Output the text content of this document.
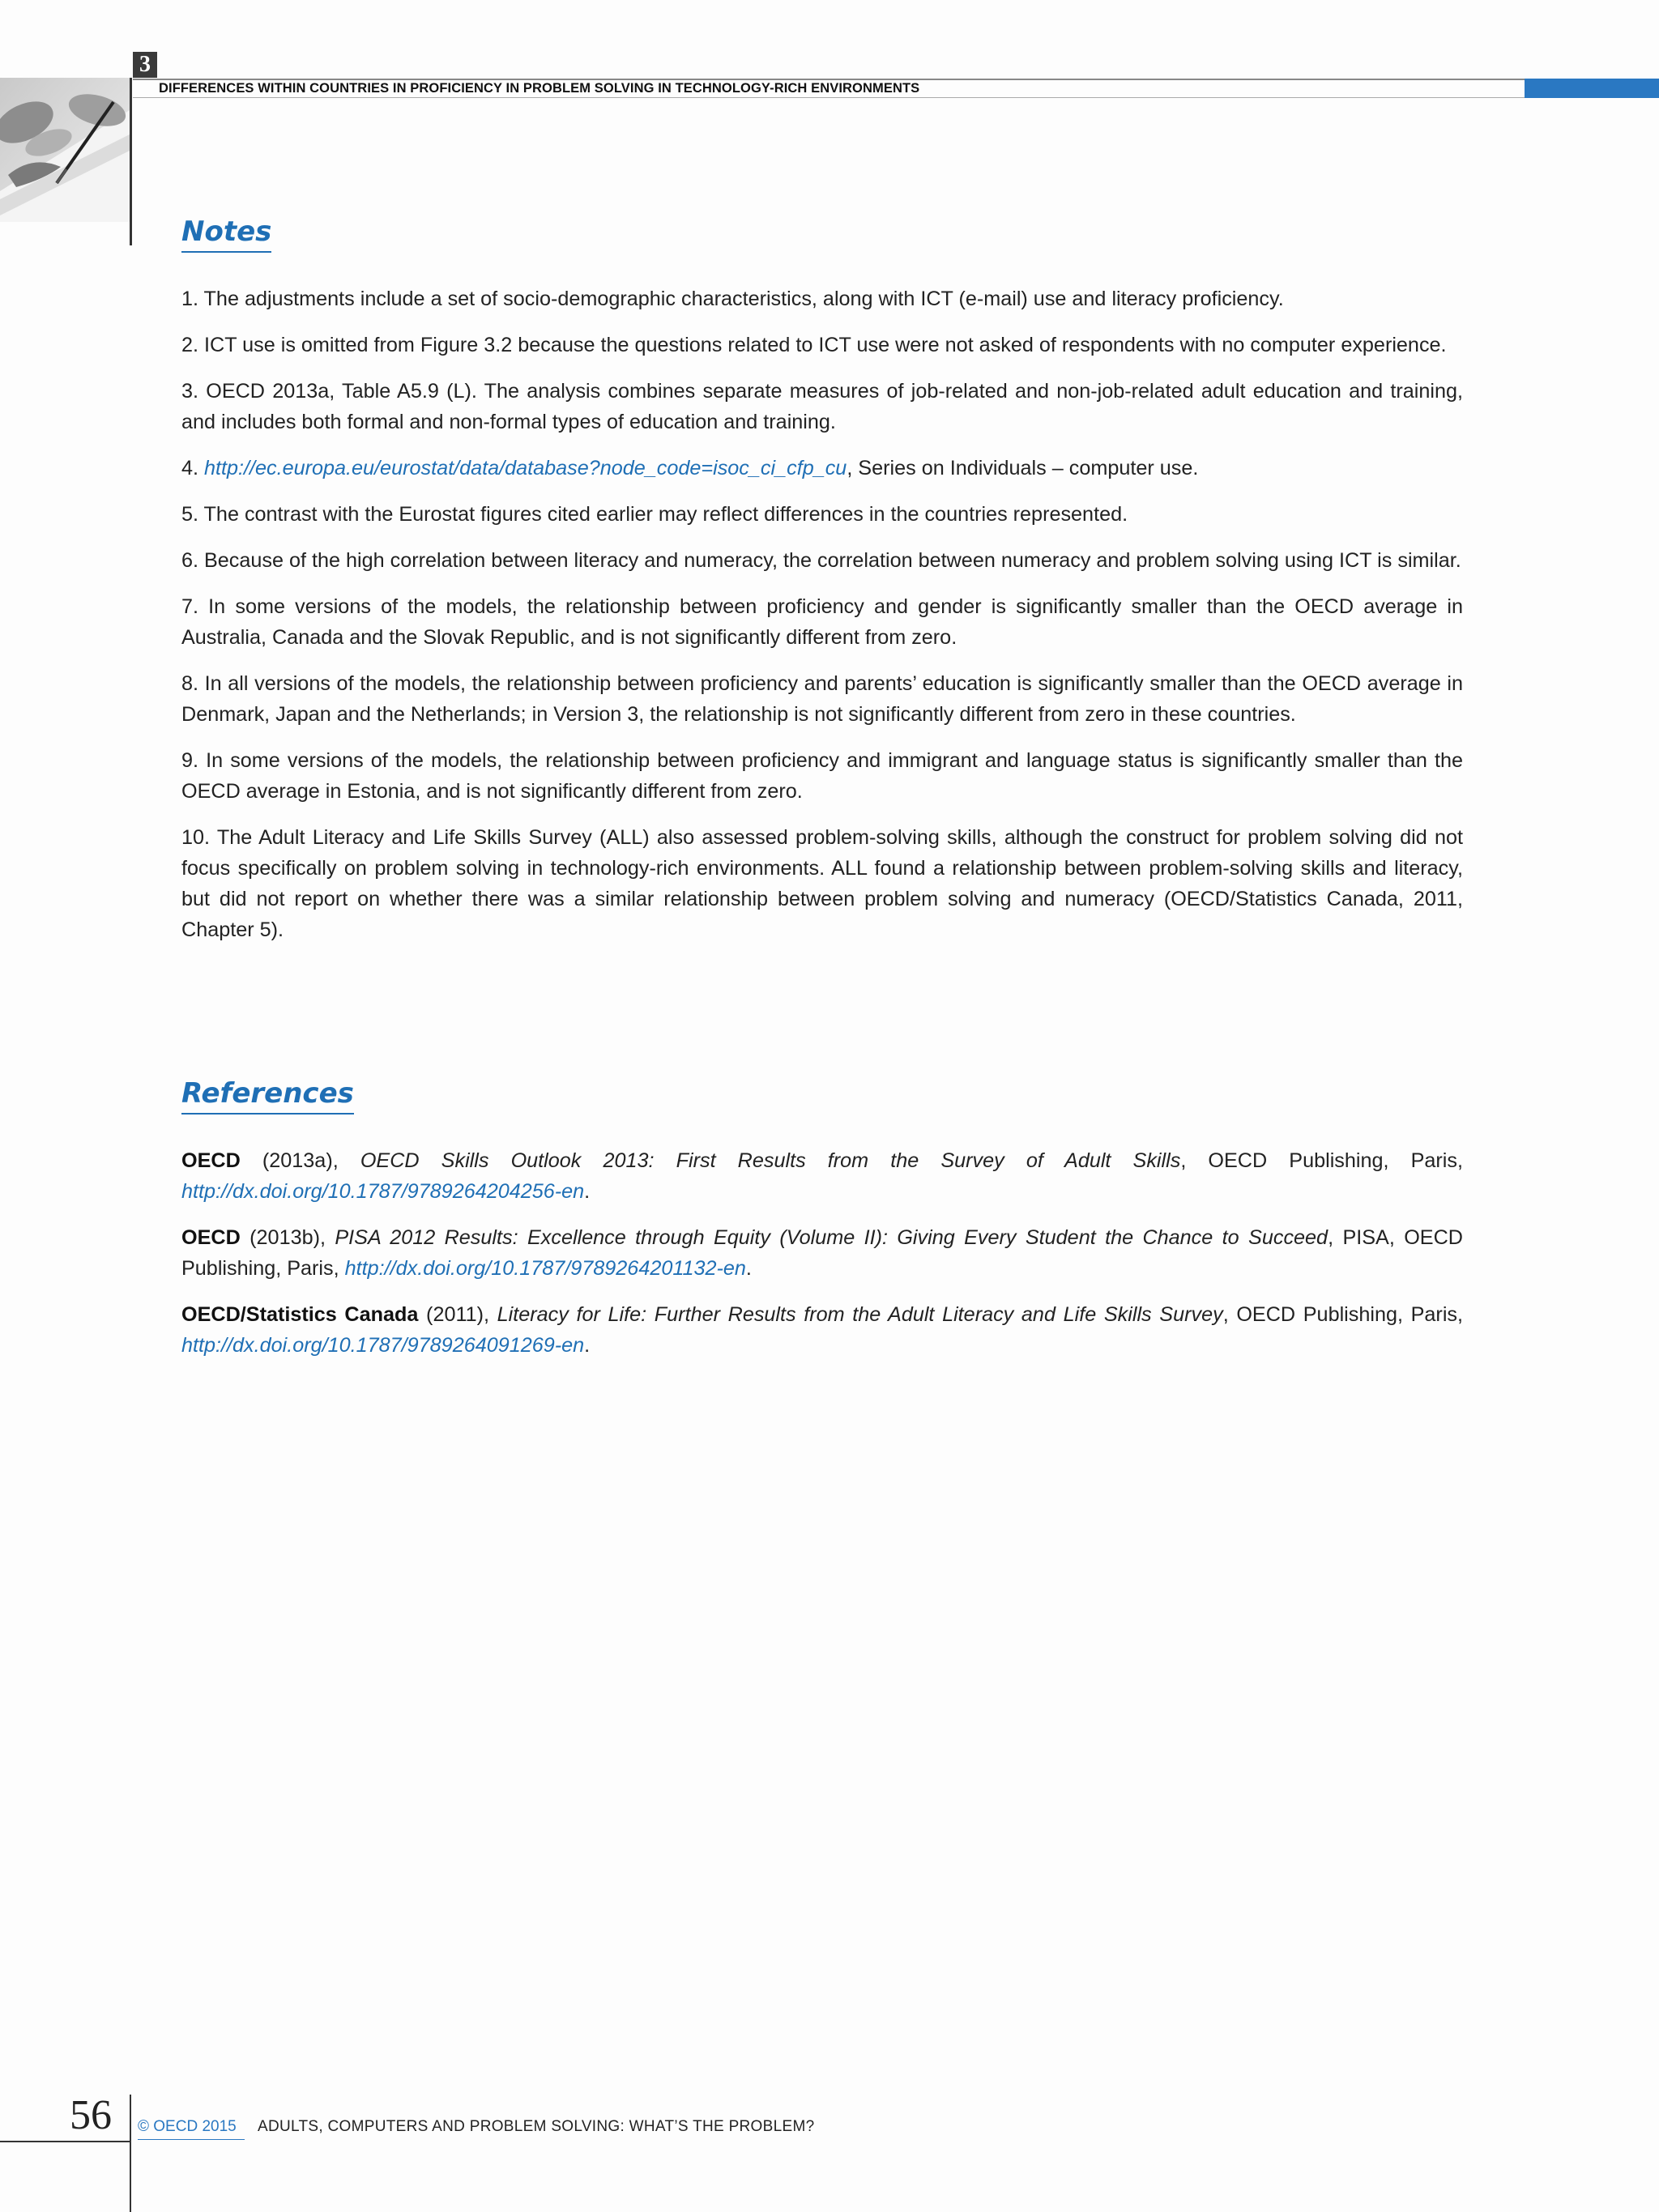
3
DIFFERENCES WITHIN COUNTRIES IN PROFICIENCY IN PROBLEM SOLVING IN TECHNOLOGY-RICH ENVIRONMENTS
Notes

1. The adjustments include a set of socio-demographic characteristics, along with ICT (e-mail) use and literacy proficiency.

2. ICT use is omitted from Figure 3.2 because the questions related to ICT use were not asked of respondents with no computer experience.

3. OECD 2013a, Table A5.9 (L). The analysis combines separate measures of job-related and non-job-related adult education and training, and includes both formal and non-formal types of education and training.

4. http://ec.europa.eu/eurostat/data/database?node_code=isoc_ci_cfp_cu, Series on Individuals – computer use.

5. The contrast with the Eurostat figures cited earlier may reflect differences in the countries represented.

6. Because of the high correlation between literacy and numeracy, the correlation between numeracy and problem solving using ICT is similar.

7. In some versions of the models, the relationship between proficiency and gender is significantly smaller than the OECD average in Australia, Canada and the Slovak Republic, and is not significantly different from zero.

8. In all versions of the models, the relationship between proficiency and parents’ education is significantly smaller than the OECD average in Denmark, Japan and the Netherlands; in Version 3, the relationship is not significantly different from zero in these countries.

9. In some versions of the models, the relationship between proficiency and immigrant and language status is significantly smaller than the OECD average in Estonia, and is not significantly different from zero.

10. The Adult Literacy and Life Skills Survey (ALL) also assessed problem-solving skills, although the construct for problem solving did not focus specifically on problem solving in technology-rich environments. ALL found a relationship between problem-solving skills and literacy, but did not report on whether there was a similar relationship between problem solving and numeracy (OECD/Statistics Canada, 2011, Chapter 5).

References

OECD (2013a), OECD Skills Outlook 2013: First Results from the Survey of Adult Skills, OECD Publishing, Paris, http://dx.doi.org/10.1787/9789264204256-en.

OECD (2013b), PISA 2012 Results: Excellence through Equity (Volume II): Giving Every Student the Chance to Succeed, PISA, OECD Publishing, Paris, http://dx.doi.org/10.1787/9789264201132-en.

OECD/Statistics Canada (2011), Literacy for Life: Further Results from the Adult Literacy and Life Skills Survey, OECD Publishing, Paris, http://dx.doi.org/10.1787/9789264091269-en.

56 © OECD 2015 ADULTS, COMPUTERS AND PROBLEM SOLVING: WHAT’S THE PROBLEM?
